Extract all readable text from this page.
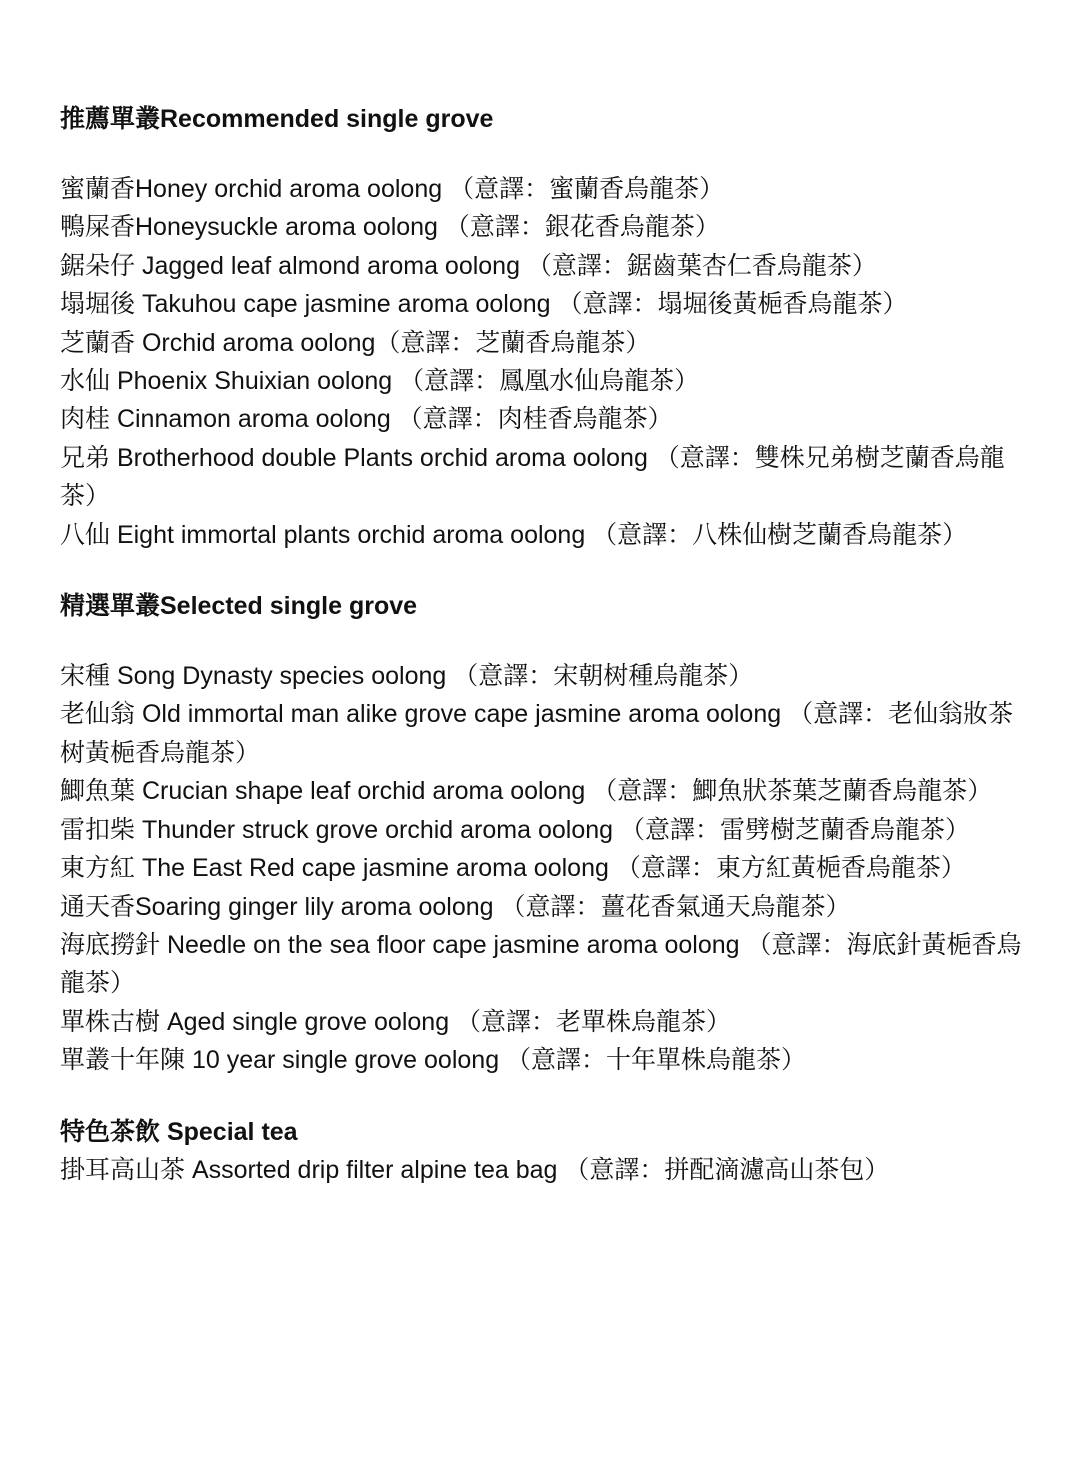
推薦單叢Recommended single grove
蜜蘭香Honey orchid aroma oolong （意譯：蜜蘭香烏龍茶）
鴨屎香Honeysuckle aroma oolong （意譯：銀花香烏龍茶）
鋸朵仔 Jagged leaf almond aroma oolong （意譯：鋸齒葉杏仁香烏龍茶）
塌堀後 Takuhou cape jasmine aroma oolong （意譯：塌堀後黃梔香烏龍茶）
芝蘭香 Orchid aroma oolong（意譯：芝蘭香烏龍茶）
水仙 Phoenix Shuixian oolong （意譯：鳳凰水仙烏龍茶）
肉桂 Cinnamon aroma oolong （意譯：肉桂香烏龍茶）
兄弟 Brotherhood double Plants orchid aroma oolong （意譯：雙株兄弟樹芝蘭香烏龍茶）
八仙 Eight immortal plants orchid aroma oolong （意譯：八株仙樹芝蘭香烏龍茶）
精選單叢Selected single grove
宋種 Song Dynasty species oolong （意譯：宋朝树種烏龍茶）
老仙翁 Old immortal man alike grove cape jasmine aroma oolong （意譯：老仙翁妝茶树黃梔香烏龍茶）
鯽魚葉 Crucian shape leaf orchid aroma oolong （意譯：鯽魚狀茶葉芝蘭香烏龍茶）
雷扣柴 Thunder struck grove orchid aroma oolong （意譯：雷劈樹芝蘭香烏龍茶）
東方紅 The East Red cape jasmine aroma oolong （意譯：東方紅黃梔香烏龍茶）
通天香Soaring ginger lily aroma oolong （意譯：薑花香氣通天烏龍茶）
海底撈針 Needle on the sea floor cape jasmine aroma oolong （意譯：海底針黃梔香烏龍茶）
單株古樹 Aged single grove oolong （意譯：老單株烏龍茶）
單叢十年陳 10 year single grove oolong （意譯：十年單株烏龍茶）
特色茶飲 Special tea
掛耳高山茶 Assorted drip filter alpine tea bag （意譯：拼配滴濾高山茶包）
